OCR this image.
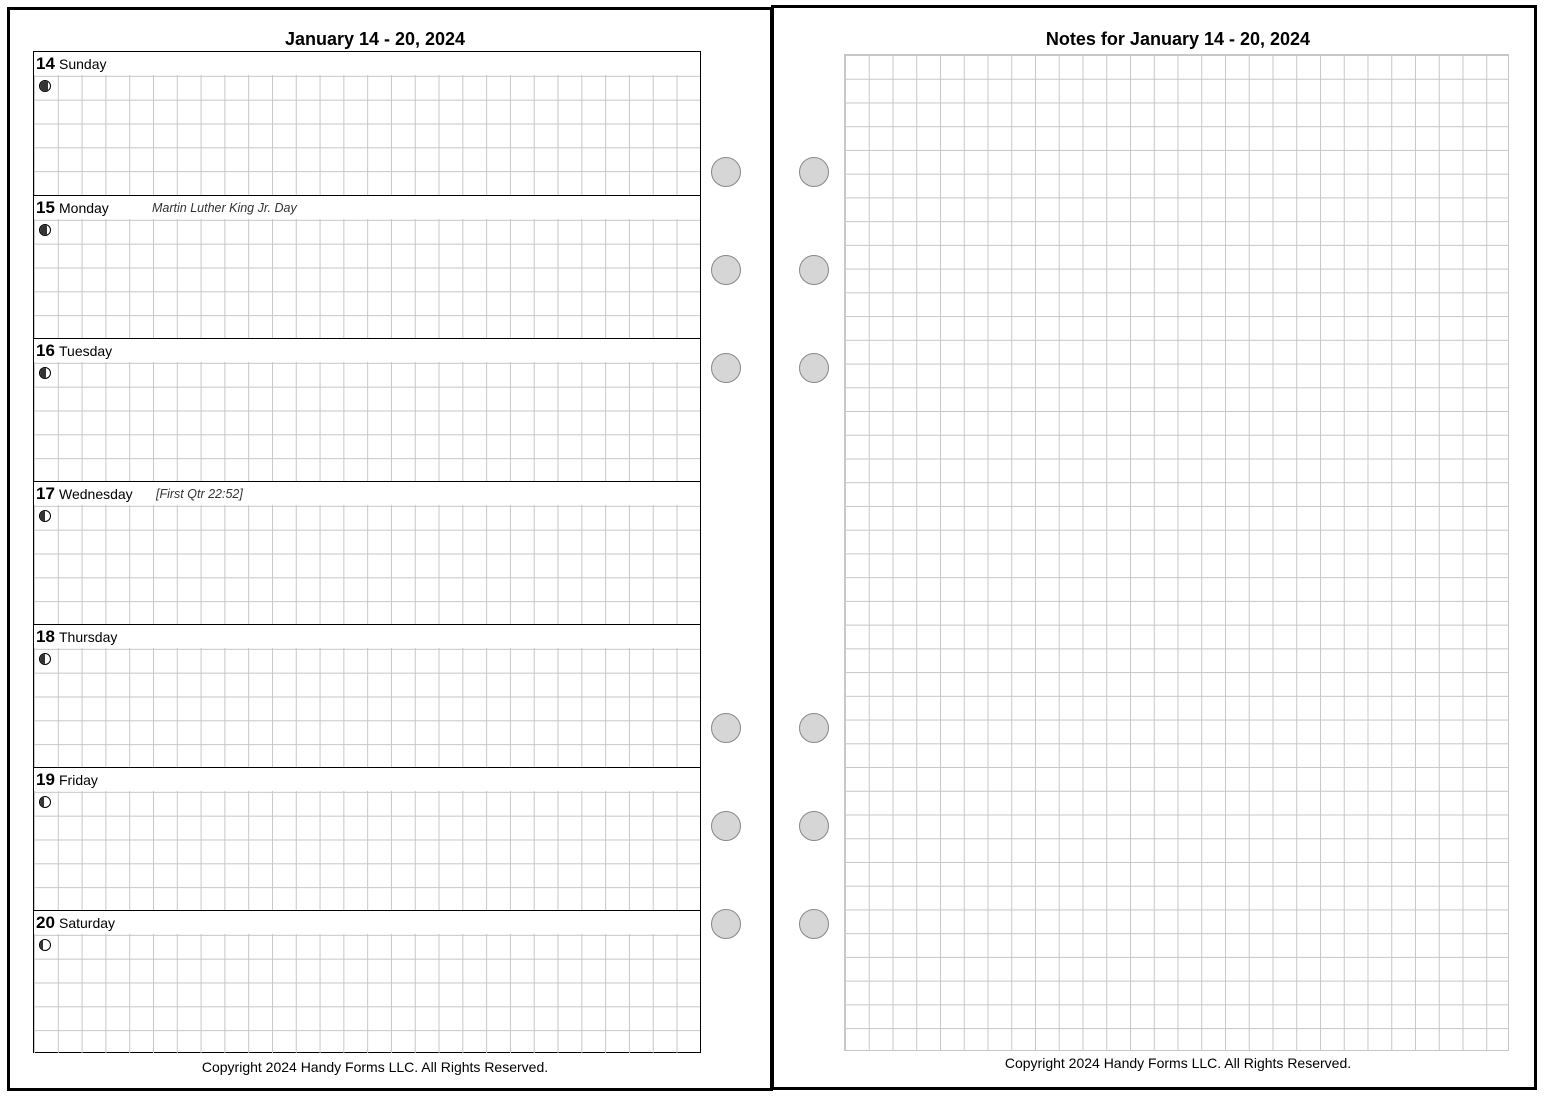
January 14 - 20, 2024
14 Sunday
15 Monday	Martin Luther King Jr. Day
16 Tuesday
17 Wednesday [First Qtr 22:52]
18 Thursday
19 Friday
20 Saturday
Copyright 2024 Handy Forms LLC. All Rights Reserved.
Notes for January 14 - 20, 2024
Copyright 2024 Handy Forms LLC. All Rights Reserved.
